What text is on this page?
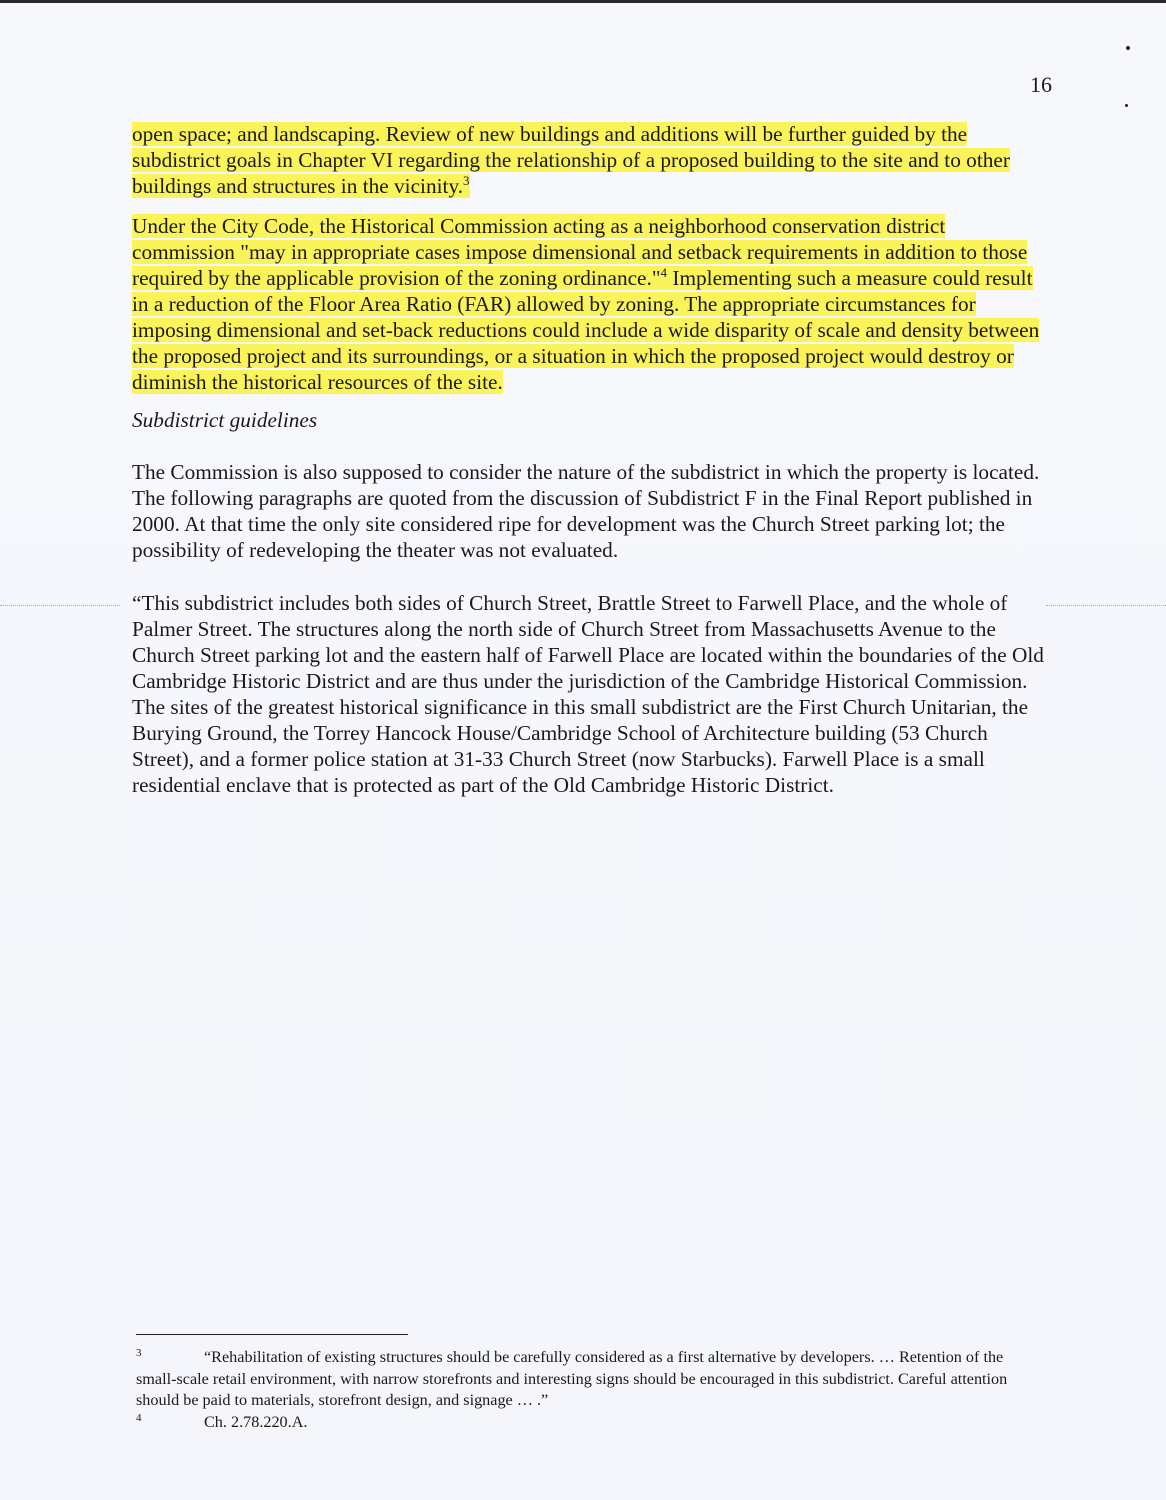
16

open space; and landscaping. Review of new buildings and additions will be further guided by the subdistrict goals in Chapter VI regarding the relationship of a proposed building to the site and to other buildings and structures in the vicinity.$^3$

Under the City Code, the Historical Commission acting as a neighborhood conservation district commission "may in appropriate cases impose dimensional and setback requirements in addition to those required by the applicable provision of the zoning ordinance."$^4$ Implementing such a measure could result in a reduction of the Floor Area Ratio (FAR) allowed by zoning. The appropriate circumstances for imposing dimensional and set-back reductions could include a wide disparity of scale and density between the proposed project and its surroundings, or a situation in which the proposed project would destroy or diminish the historical resources of the site.

Subdistrict guidelines

The Commission is also supposed to consider the nature of the subdistrict in which the property is located. The following paragraphs are quoted from the discussion of Subdistrict F in the Final Report published in 2000. At that time the only site considered ripe for development was the Church Street parking lot; the possibility of redeveloping the theater was not evaluated.

“This subdistrict includes both sides of Church Street, Brattle Street to Farwell Place, and the whole of Palmer Street. The structures along the north side of Church Street from Massachusetts Avenue to the Church Street parking lot and the eastern half of Farwell Place are located within the boundaries of the Old Cambridge Historic District and are thus under the jurisdiction of the Cambridge Historical Commission. The sites of the greatest historical significance in this small subdistrict are the First Church Unitarian, the Burying Ground, the Torrey Hancock House/Cambridge School of Architecture building (53 Church Street), and a former police station at 31-33 Church Street (now Starbucks). Farwell Place is a small residential enclave that is protected as part of the Old Cambridge Historic District.

3	“Rehabilitation of existing structures should be carefully considered as a first alternative by developers. … Retention of the small-scale retail environment, with narrow storefronts and interesting signs should be encouraged in this subdistrict. Careful attention should be paid to materials, storefront design, and signage … .”
4	Ch. 2.78.220.A.
